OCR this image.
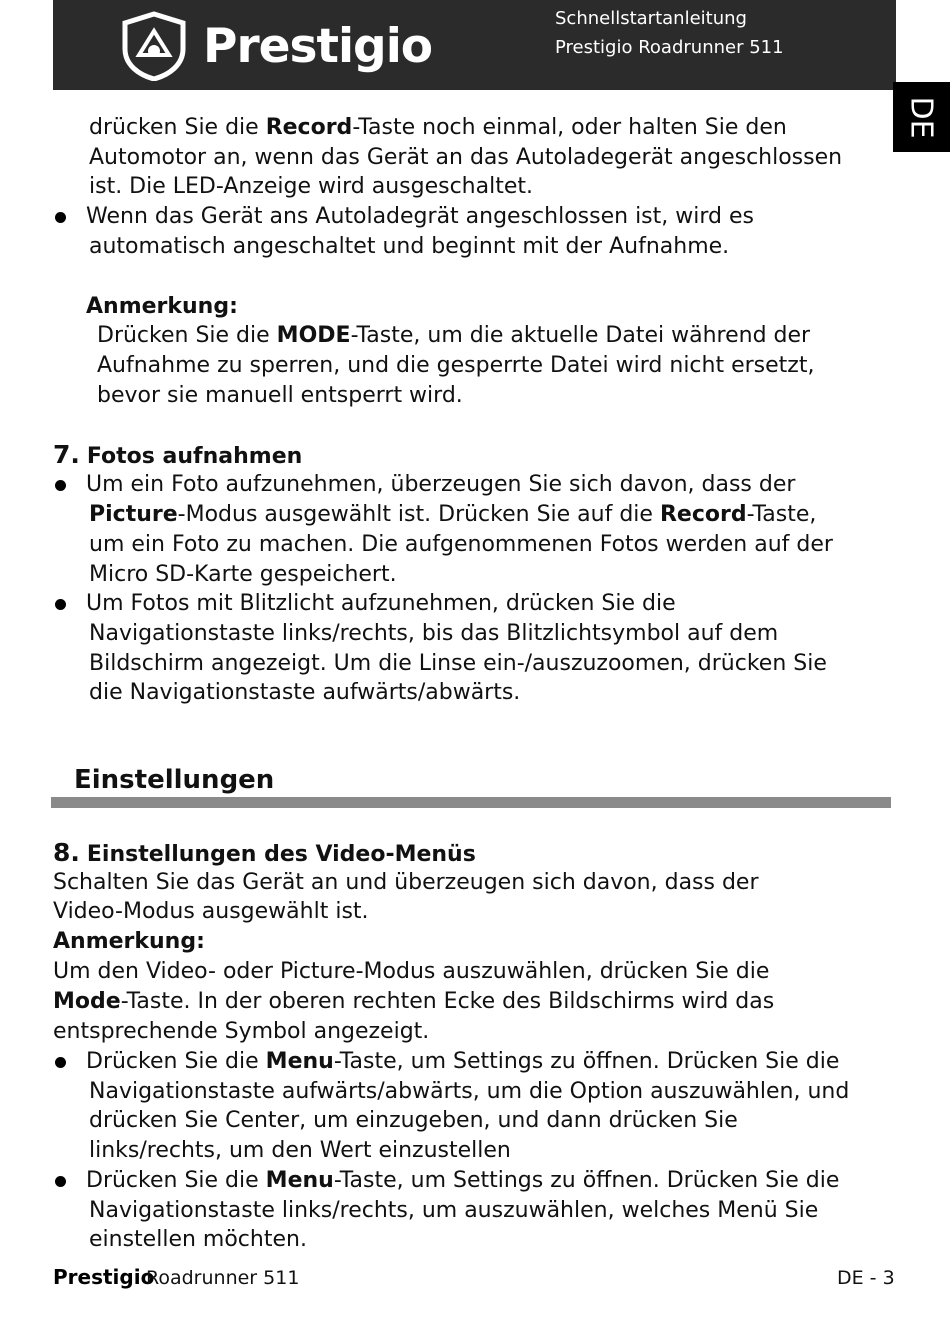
Prestigio	Schnellstartanleitung
Prestigio Roadrunner 511
DE
drücken Sie die Record-Taste noch einmal, oder halten Sie den
Automotor an, wenn das Gerät an das Autoladegerät angeschlossen
ist. Die LED-Anzeige wird ausgeschaltet.
Wenn das Gerät ans Autoladegrät angeschlossen ist, wird es
automatisch angeschaltet und beginnt mit der Aufnahme.
Anmerkung:
Drücken Sie die MODE-Taste, um die aktuelle Datei während der
Aufnahme zu sperren, und die gesperrte Datei wird nicht ersetzt,
bevor sie manuell entsperrt wird.
7. Fotos aufnahmen
Um ein Foto aufzunehmen, überzeugen Sie sich davon, dass der
Picture-Modus ausgewählt ist. Drücken Sie auf die Record-Taste,
um ein Foto zu machen. Die aufgenommenen Fotos werden auf der
Micro SD-Karte gespeichert.
Um Fotos mit Blitzlicht aufzunehmen, drücken Sie die
Navigationstaste links/rechts, bis das Blitzlichtsymbol auf dem
Bildschirm angezeigt. Um die Linse ein-/auszuzoomen, drücken Sie
die Navigationstaste aufwärts/abwärts.
Einstellungen
8. Einstellungen des Video-Menüs
Schalten Sie das Gerät an und überzeugen sich davon, dass der
Video-Modus ausgewählt ist.
Anmerkung:
Um den Video- oder Picture-Modus auszuwählen, drücken Sie die
Mode-Taste. In der oberen rechten Ecke des Bildschirms wird das
entsprechende Symbol angezeigt.
Drücken Sie die Menu-Taste, um Settings zu öffnen. Drücken Sie die
Navigationstaste aufwärts/abwärts, um die Option auszuwählen, und
drücken Sie Center, um einzugeben, und dann drücken Sie
links/rechts, um den Wert einzustellen
Drücken Sie die Menu-Taste, um Settings zu öffnen. Drücken Sie die
Navigationstaste links/rechts, um auszuwählen, welches Menü Sie
einstellen möchten.
Prestigio
Roadrunner 511	DE - 3
